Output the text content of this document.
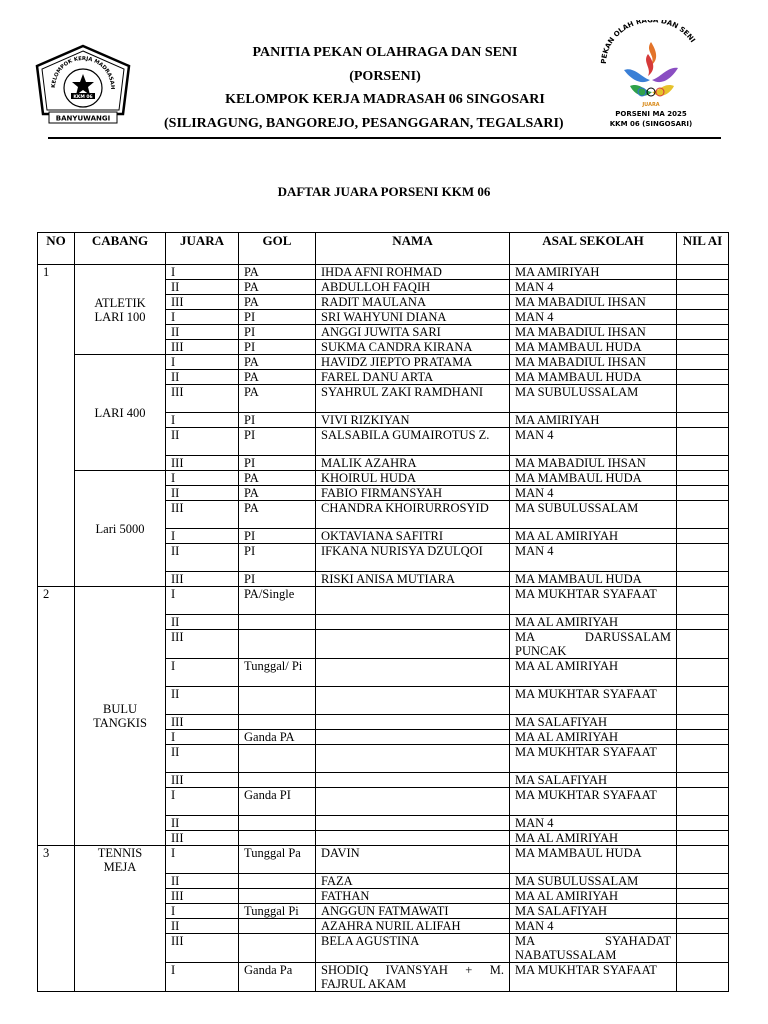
KELOMPOK KERJA MADRASAH
KKM 06
BANYUWANGI
PEKAN OLAH RAGA DAN SENI
JUARA
PORSENI MA 2025
KKM 06 (SINGOSARI)
PANITIA PEKAN OLAHRAGA DAN SENI
(PORSENI)
KELOMPOK KERJA MADRASAH 06 SINGOSARI
(SILIRAGUNG, BANGOREJO, PESANGGARAN, TEGALSARI)
DAFTAR JUARA PORSENI KKM 06
NO	CABANG	JUARA	GOL	NAMA	ASAL SEKOLAH	NIL AI
1	ATLETIK LARI 100	I	PA	IHDA AFNI ROHMAD	MA AMIRIYAH	
		II	PA	ABDULLOH FAQIH	MAN 4	
		III	PA	RADIT MAULANA	MA MABADIUL IHSAN	
		I	PI	SRI WAHYUNI DIANA	MAN 4	
		II	PI	ANGGI JUWITA SARI	MA MABADIUL IHSAN	
		III	PI	SUKMA CANDRA KIRANA	MA MAMBAUL HUDA	
	LARI 400	I	PA	HAVIDZ JIEPTO PRATAMA	MA MABADIUL IHSAN	
		II	PA	FAREL DANU ARTA	MA MAMBAUL HUDA	
		III	PA	SYAHRUL ZAKI RAMDHANI	MA SUBULUSSALAM	
		I	PI	VIVI RIZKIYAN	MA AMIRIYAH	
		II	PI	SALSABILA GUMAIROTUS Z.	MAN 4	
		III	PI	MALIK AZAHRA	MA MABADIUL IHSAN	
	Lari 5000	I	PA	KHOIRUL HUDA	MA MAMBAUL HUDA	
		II	PA	FABIO FIRMANSYAH	MAN 4	
		III	PA	CHANDRA KHOIRURROSYID	MA SUBULUSSALAM	
		I	PI	OKTAVIANA SAFITRI	MA AL AMIRIYAH	
		II	PI	IFKANA NURISYA DZULQOI	MAN 4	
		III	PI	RISKI ANISA MUTIARA	MA MAMBAUL HUDA	
2	BULU TANGKIS	I	PA/Single		MA MUKHTAR SYAFAAT	
		II			MA AL AMIRIYAH	
		III			MA DARUSSALAM PUNCAK	
		I	Tunggal/ Pi		MA AL AMIRIYAH	
		II			MA MUKHTAR SYAFAAT	
		III			MA SALAFIYAH	
		I	Ganda PA		MA AL AMIRIYAH	
		II			MA MUKHTAR SYAFAAT	
		III			MA SALAFIYAH	
		I	Ganda PI		MA MUKHTAR SYAFAAT	
		II			MAN 4	
		III			MA AL AMIRIYAH	
3	TENNIS MEJA	I	Tunggal Pa	DAVIN	MA MAMBAUL HUDA	
		II		FAZA	MA SUBULUSSALAM	
		III		FATHAN	MA AL AMIRIYAH	
		I	Tunggal Pi	ANGGUN FATMAWATI	MA SALAFIYAH	
		II		AZAHRA NURIL ALIFAH	MAN 4	
		III		BELA AGUSTINA	MA SYAHADAT NABATUSSALAM	
		I	Ganda Pa	SHODIQ IVANSYAH + M. FAJRUL AKAM	MA MUKHTAR SYAFAAT	
